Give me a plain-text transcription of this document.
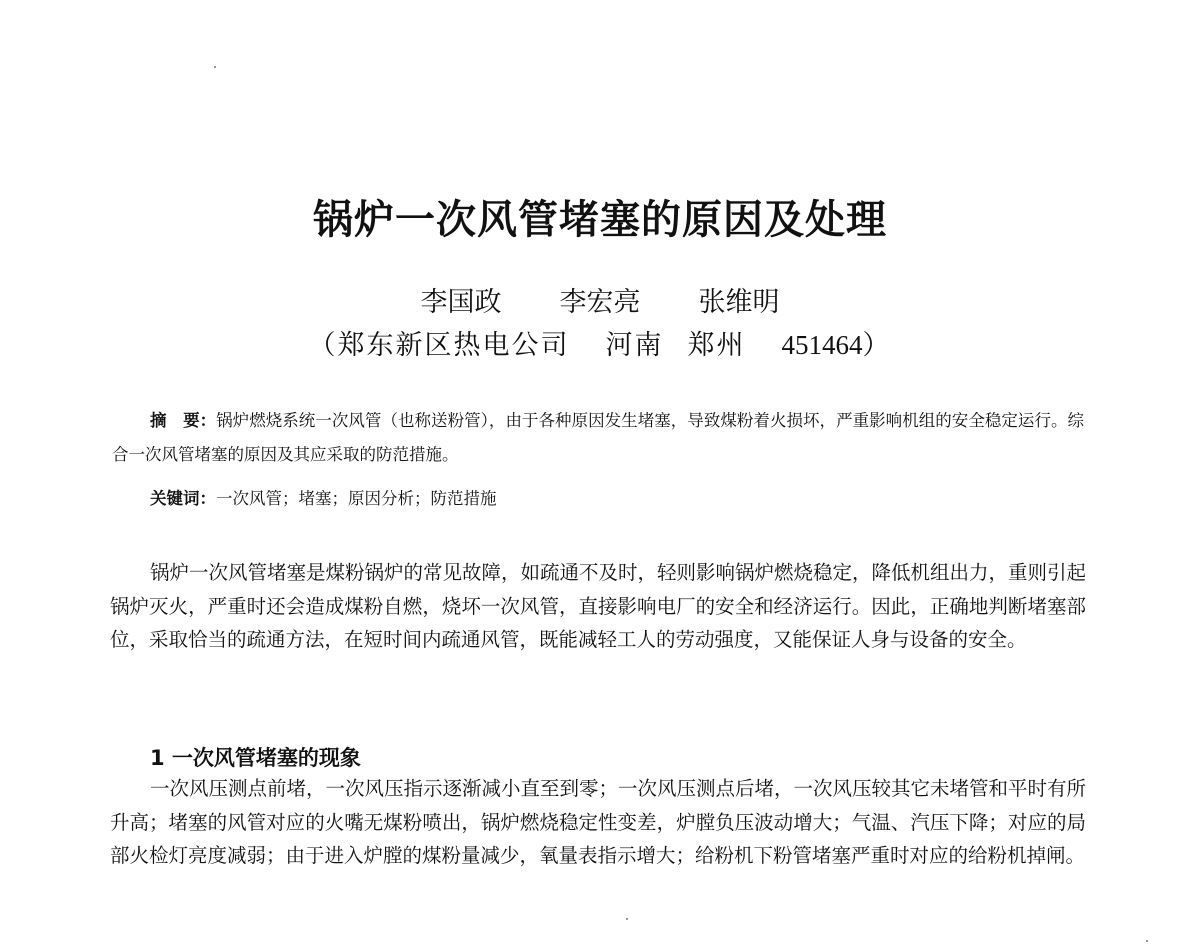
锅炉一次风管堵塞的原因及处理
李国政 李宏亮 张维明
（郑东新区热电公司 河南 郑州 451464）
摘　要：锅炉燃烧系统一次风管（也称送粉管），由于各种原因发生堵塞，导致煤粉着火损坏，严重影响机组的安全稳定运行。综合一次风管堵塞的原因及其应采取的防范措施。
关键词：一次风管；堵塞；原因分析；防范措施
锅炉一次风管堵塞是煤粉锅炉的常见故障，如疏通不及时，轻则影响锅炉燃烧稳定，降低机组出力，重则引起锅炉灭火，严重时还会造成煤粉自燃，烧坏一次风管，直接影响电厂的安全和经济运行。因此，正确地判断堵塞部位，采取恰当的疏通方法，在短时间内疏通风管，既能减轻工人的劳动强度，又能保证人身与设备的安全。
1 一次风管堵塞的现象
一次风压测点前堵，一次风压指示逐渐减小直至到零；一次风压测点后堵，一次风压较其它未堵管和平时有所升高；堵塞的风管对应的火嘴无煤粉喷出，锅炉燃烧稳定性变差，炉膛负压波动增大；气温、汽压下降；对应的局部火检灯亮度减弱；由于进入炉膛的煤粉量减少，氧量表指示增大；给粉机下粉管堵塞严重时对应的给粉机掉闸。
